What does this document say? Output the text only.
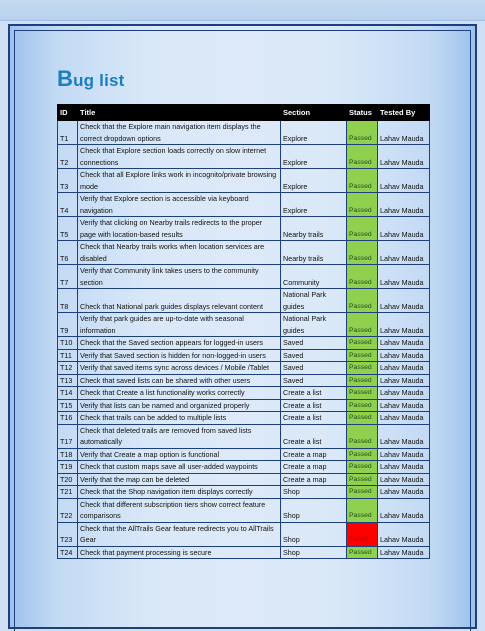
Bug list
ID	Title	Section	Status	Tested By
T1	Check that the Explore main navigation item displays the correct dropdown options	Explore	Passed	Lahav Mauda
T2	Check that Explore section loads correctly on slow internet connections	Explore	Passed	Lahav Mauda
T3	Check that all Explore links work in incognito/private browsing mode	Explore	Passed	Lahav Mauda
T4	Verify that Explore section is accessible via keyboard navigation	Explore	Passed	Lahav Mauda
T5	Verify that clicking on Nearby trails redirects to the proper page with location-based results	Nearby trails	Passed	Lahav Mauda
T6	Check that Nearby trails works when location services are disabled	Nearby trails	Passed	Lahav Mauda
T7	Verify that Community link takes users to the community section	Community	Passed	Lahav Mauda
T8	Check that National park guides displays relevant content	National Park guides	Passed	Lahav Mauda
T9	Verify that park guides are up-to-date with seasonal information	National Park guides	Passed	Lahav Mauda
T10	Check that the Saved section appears for logged-in users	Saved	Passed	Lahav Mauda
T11	Verify that Saved section is hidden for non-logged-in users	Saved	Passed	Lahav Mauda
T12	Verify that saved items sync across devices / Mobile /Tablet	Saved	Passed	Lahav Mauda
T13	Check that saved lists can be shared with other users	Saved	Passed	Lahav Mauda
T14	Check that Create a list functionality works correctly	Create a list	Passed	Lahav Mauda
T15	Verify that lists can be named and organized properly	Create a list	Passed	Lahav Mauda
T16	Check that trails can be added to multiple lists	Create a list	Passed	Lahav Mauda
T17	Check that deleted trails are removed from saved lists automatically	Create a list	Passed	Lahav Mauda
T18	Verify that Create a map option is functional	Create a map	Passed	Lahav Mauda
T19	Check that custom maps save all user-added waypoints	Create a map	Passed	Lahav Mauda
T20	Verify that the map can be deleted	Create a map	Passed	Lahav Mauda
T21	Check that the Shop navigation item displays correctly	Shop	Passed	Lahav Mauda
T22	Check that different subscription tiers show correct feature comparisons	Shop	Passed	Lahav Mauda
T23	Check that the AllTrails Gear feature redirects you to AllTrails Gear	Shop	Failed	Lahav Mauda
T24	Check that payment processing is secure	Shop	Passed	Lahav Mauda
